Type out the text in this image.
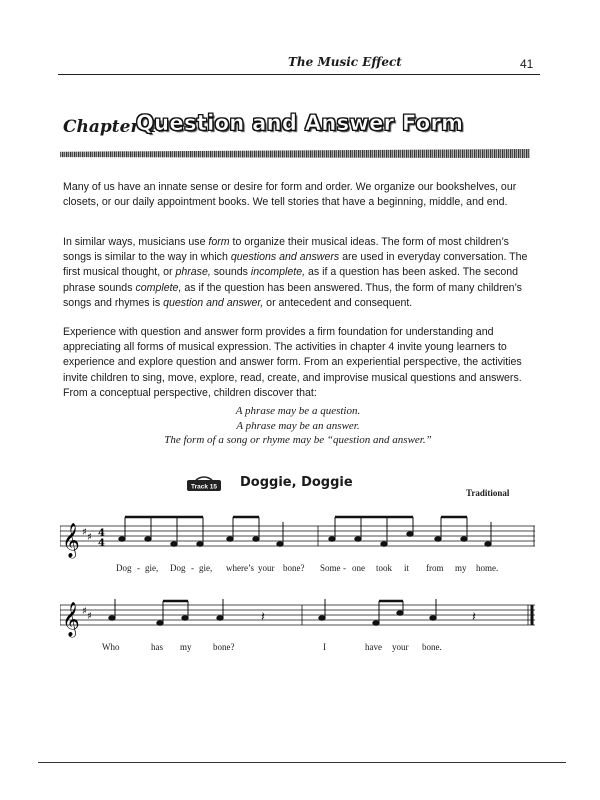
The Music Effect	41
Chapter 4:
Question and Answer Form

Many of us have an innate sense or desire for form and order. We organize our bookshelves, our closets, or our daily appointment books. We tell stories that have a beginning, middle, and end.

In similar ways, musicians use form to organize their musical ideas. The form of most children’s songs is similar to the way in which questions and answers are used in everyday conversation. The first musical thought, or phrase, sounds incomplete, as if a question has been asked. The second phrase sounds complete, as if the question has been answered. Thus, the form of many children’s songs and rhymes is question and answer, or antecedent and consequent.

Experience with question and answer form provides a firm foundation for understanding and appreciating all forms of musical expression. The activities in chapter 4 invite young learners to experience and explore question and answer form. From an experiential perspective, the activities invite children to sing, move, explore, read, create, and improvise musical questions and answers. From a conceptual perspective, children discover that:

A phrase may be a question.
A phrase may be an answer.
The form of a song or rhyme may be “question and answer.”
Track 15 Doggie, Doggie
Traditional
𝄞 ♯ ♯ 4
4
Dog - gie, Dog - gie, where’s your bone? Some - one took it from my home.
𝄞 ♯ ♯	𝄽	𝄽
Who	has my bone?	I	have your bone.
